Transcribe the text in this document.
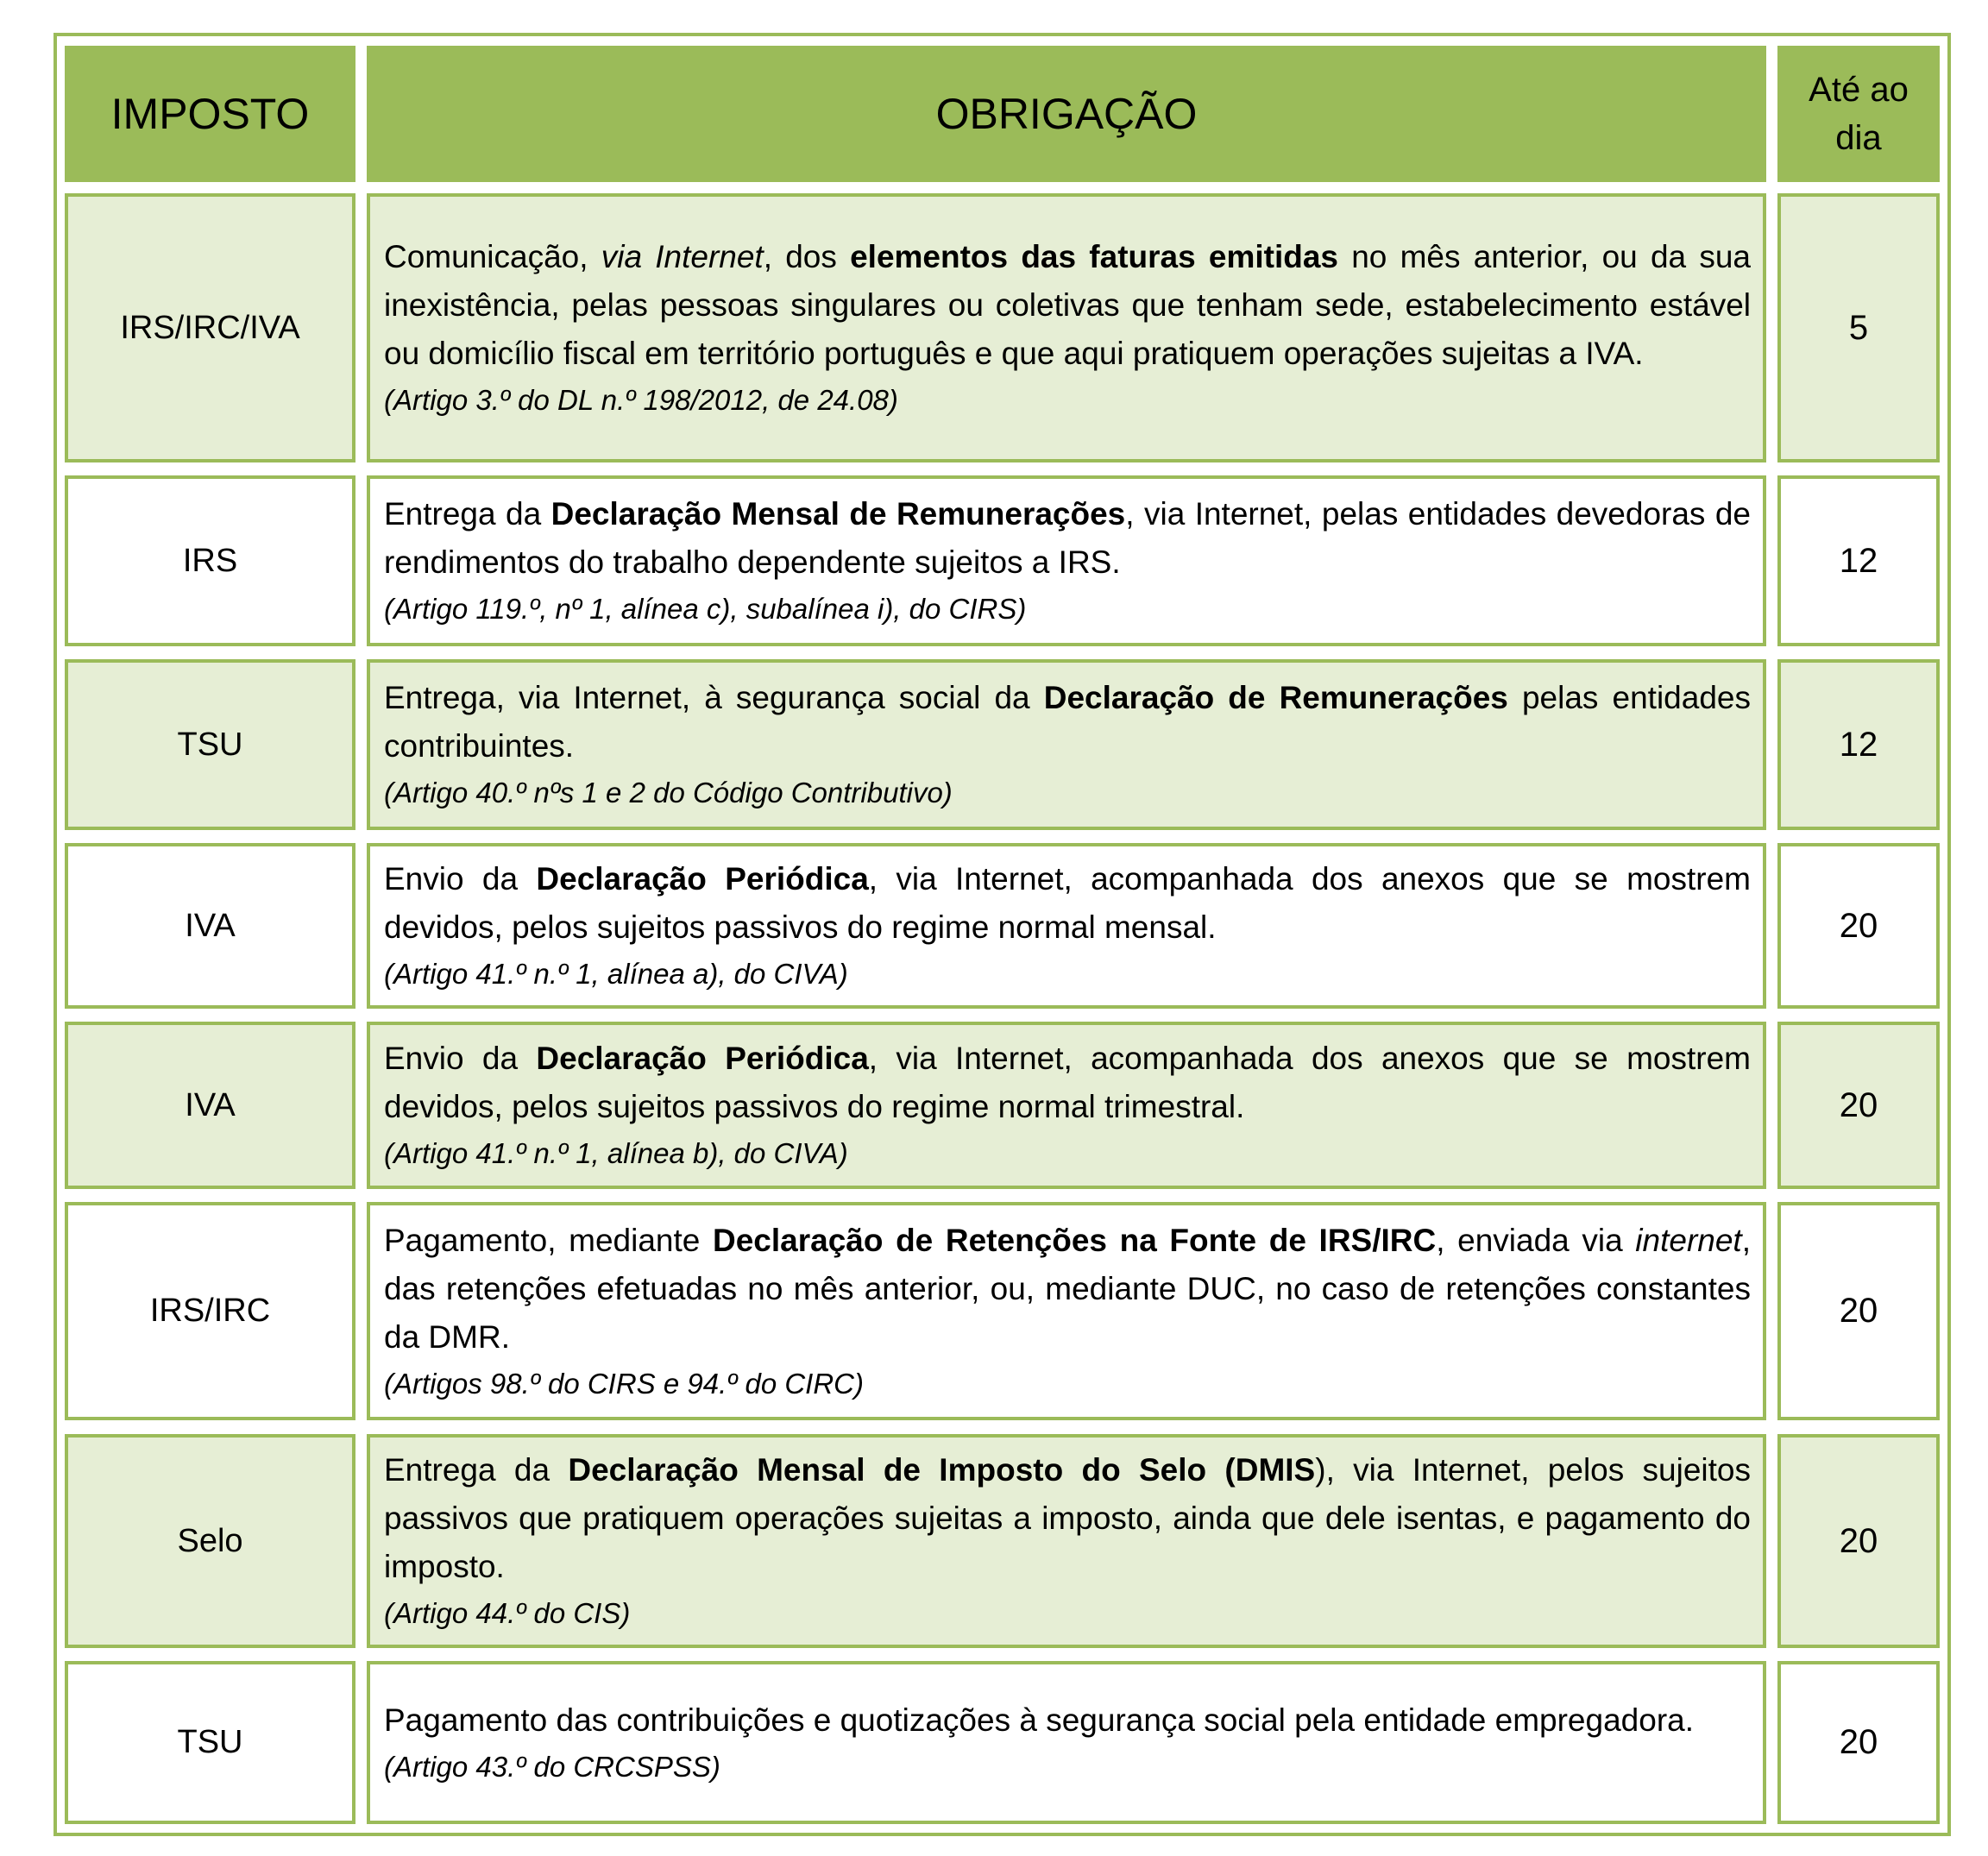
IMPOSTO	OBRIGAÇÃO	Até ao
dia
IRS/IRC/IVA
Comunicação, via Internet, dos elementos das faturas emitidas no mês anterior, ou da sua inexistência, pelas pessoas singulares ou coletivas que tenham sede, estabelecimento estável ou domicílio fiscal em território português e que aqui pratiquem operações sujeitas a IVA.
(Artigo 3.º do DL n.º 198/2012, de 24.08)
5
IRS
Entrega da Declaração Mensal de Remunerações, via Internet, pelas entidades devedoras de rendimentos do trabalho dependente sujeitos a IRS.
(Artigo 119.º, nº 1, alínea c), subalínea i), do CIRS)
12
TSU
Entrega, via Internet, à segurança social da Declaração de Remunerações pelas entidades contribuintes.
(Artigo 40.º nºs 1 e 2 do Código Contributivo)
12
IVA
Envio da Declaração Periódica, via Internet, acompanhada dos anexos que se mostrem devidos, pelos sujeitos passivos do regime normal mensal.
(Artigo 41.º n.º 1, alínea a), do CIVA)
20
IVA
Envio da Declaração Periódica, via Internet, acompanhada dos anexos que se mostrem devidos, pelos sujeitos passivos do regime normal trimestral.
(Artigo 41.º n.º 1, alínea b), do CIVA)
20
IRS/IRC
Pagamento, mediante Declaração de Retenções na Fonte de IRS/IRC, enviada via internet, das retenções efetuadas no mês anterior, ou, mediante DUC, no caso de retenções constantes da DMR.
(Artigos 98.º do CIRS e 94.º do CIRC)
20
Selo
Entrega da Declaração Mensal de Imposto do Selo (DMIS), via Internet, pelos sujeitos passivos que pratiquem operações sujeitas a imposto, ainda que dele isentas, e pagamento do imposto.
(Artigo 44.º do CIS)
20
TSU
Pagamento das contribuições e quotizações à segurança social pela entidade empregadora.
(Artigo 43.º do CRCSPSS)
20
